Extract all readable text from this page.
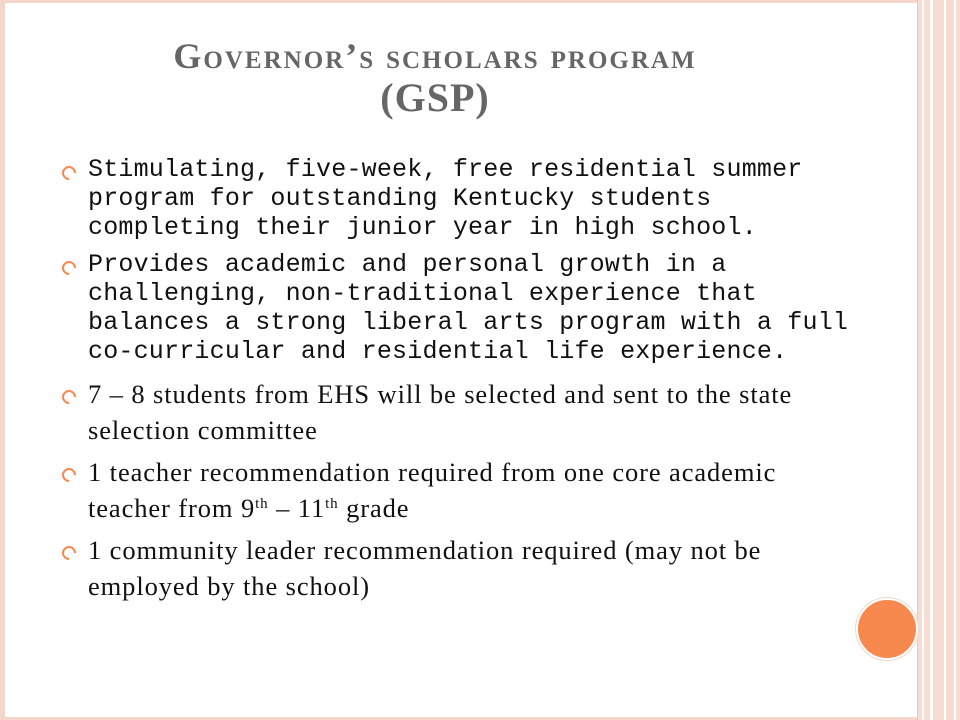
Governor’s scholars program
(GSP)
Stimulating, five-week, free residential summer program for outstanding Kentucky students completing their junior year in high school.
Provides academic and personal growth in a challenging, non-traditional experience that balances a strong liberal arts program with a full co-curricular and residential life experience.
7 – 8 students from EHS will be selected and sent to the state selection committee
1 teacher recommendation required from one core academic teacher from 9th – 11th grade
1 community leader recommendation required (may not be employed by the school)
